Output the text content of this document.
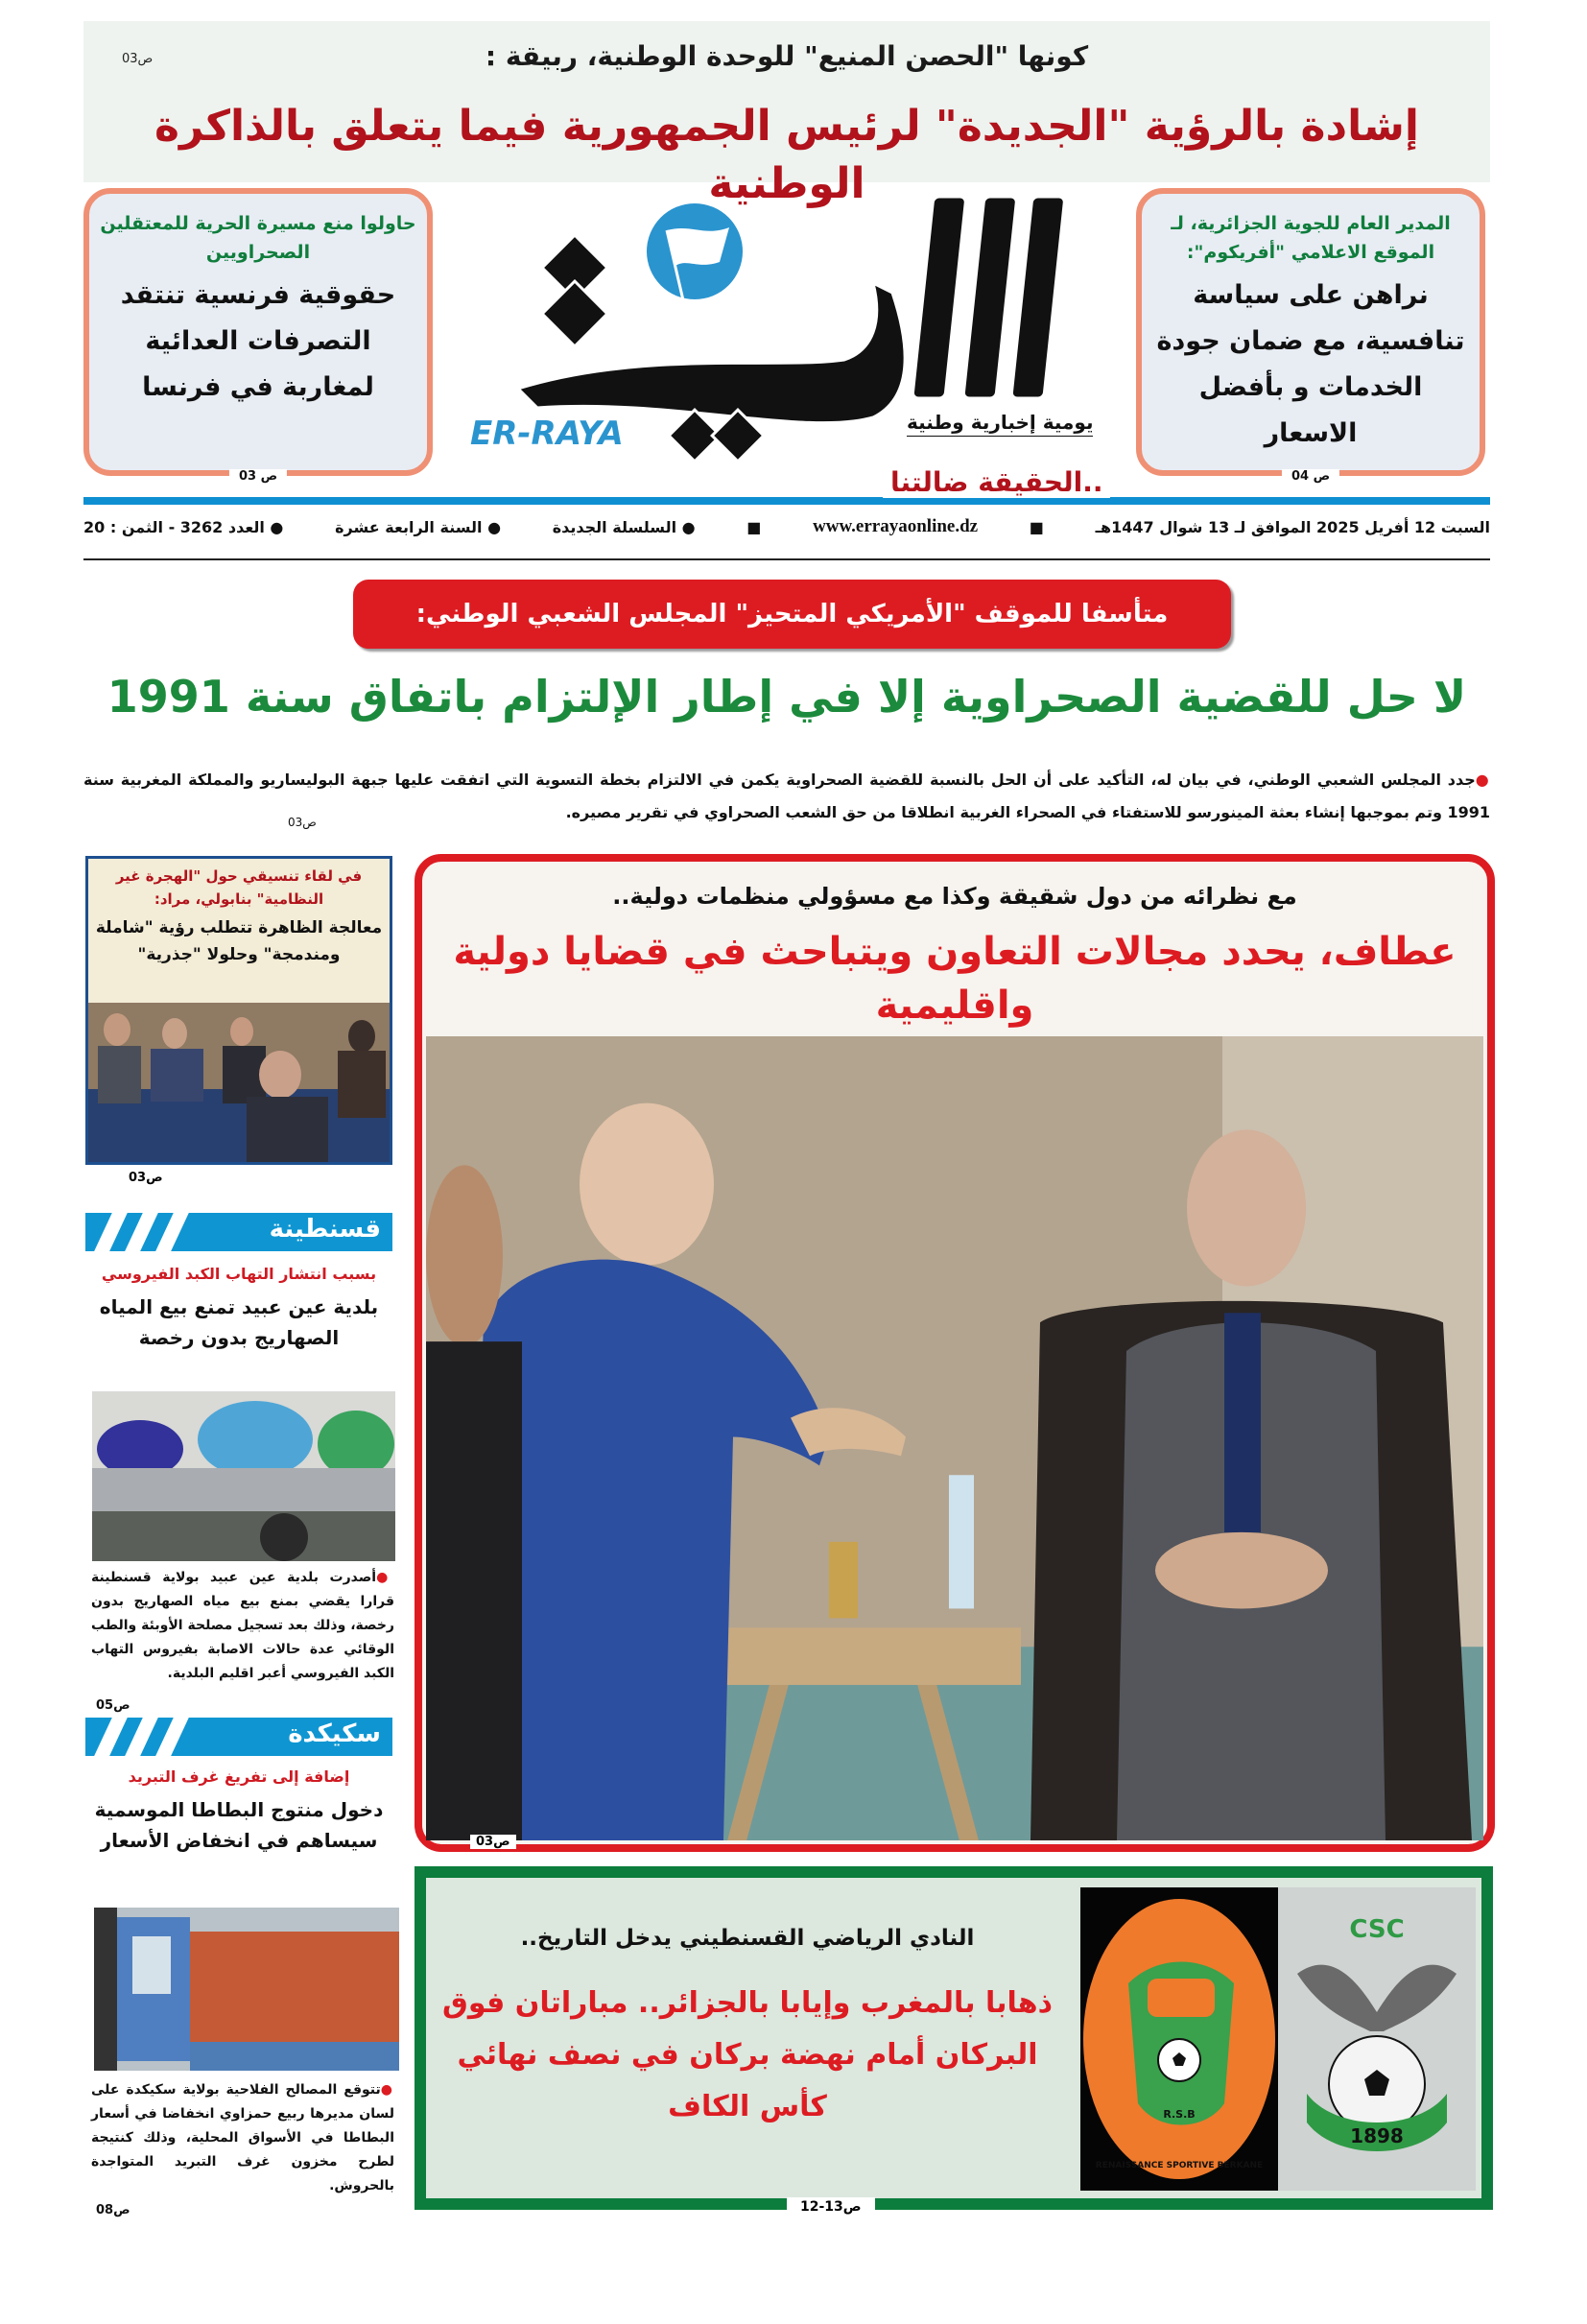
كونها "الحصن المنيع" للوحدة الوطنية، ربيقة :
ص03
إشادة بالرؤية "الجديدة" لرئيس الجمهورية فيما يتعلق بالذاكرة الوطنية
المدير العام للجوية الجزائرية، لـ الموقع الاعلامي "أفريكوم":
نراهن على سياسة تنافسية، مع ضمان جودة الخدمات و بأفضل الاسعار
ص 04
حاولوا منع مسيرة الحرية للمعتقلين الصحراويين
حقوقية فرنسية تنتقد التصرفات العدائية لمغاربة في فرنسا
ص 03
ER-RAYA	يومية إخبارية وطنية
..الحقيقة ضالتنا
السبت 12 أفريل 2025 الموافق لـ 13 شوال 1447هـ
■
www.errayaonline.dz
■
● السلسلة الجديدة
● السنة الرابعة عشرة
● العدد 3262 - الثمن : 20
متأسفا للموقف "الأمريكي المتحيز" المجلس الشعبي الوطني:
لا حل للقضية الصحراوية إلا في إطار الإلتزام باتفاق سنة 1991
●جدد المجلس الشعبي الوطني، في بيان له، التأكيد على أن الحل بالنسبة للقضية الصحراوية يكمن في الالتزام بخطة التسوية التي اتفقت عليها جبهة البوليساريو والمملكة المغربية سنة 1991 وتم بموجبها إنشاء بعثة المينورسو للاستفتاء في الصحراء الغربية انطلاقا من حق الشعب الصحراوي في تقرير مصيره.
ص03
مع نظرائه من دول شقيقة وكذا مع مسؤولي منظمات دولية..
عطاف، يحدد مجالات التعاون ويتباحث في قضايا دولية واقليمية
ص03
في لقاء تنسيقي حول "الهجرة غير النظامية" بنابولي، مراد:
معالجة الظاهرة تتطلب رؤية "شاملة ومندمجة" وحلولا "جذرية"
ص03
قسنطينة
بسبب انتشار التهاب الكبد الفيروسي
بلدية عين عبيد تمنع بيع المياه الصهاريج بدون رخصة
●أصدرت بلدية عين عبيد بولاية قسنطينة قرارا يقضي بمنع بيع مياه الصهاريج بدون رخصة، وذلك بعد تسجيل مصلحة الأوبئة والطب الوقائي عدة حالات الاصابة بفيروس التهاب الكبد الفيروسي أعبر اقليم البلدية.
ص05
سكيكدة
إضافة إلى تفريغ غرف التبريد
دخول منتوج البطاطا الموسمية سيساهم في انخفاض الأسعار
●تتوقع المصالح الفلاحية بولاية سكيكدة على لسان مديرها ربيع حمزاوي انخفاضا في أسعار البطاطا في الأسواق المحلية، وذلك كنتيجة لطرح مخزون غرف التبريد المتواجدة بالحروش.
ص08
النادي الرياضي القسنطيني يدخل التاريخ..
ذهابا بالمغرب وإيابا بالجزائر.. مباراتان فوق البركان أمام نهضة بركان في نصف نهائي كأس الكاف
CSC
1898
R.S.B
RENAISSANCE SPORTIVE BERKANE
ص13-12
